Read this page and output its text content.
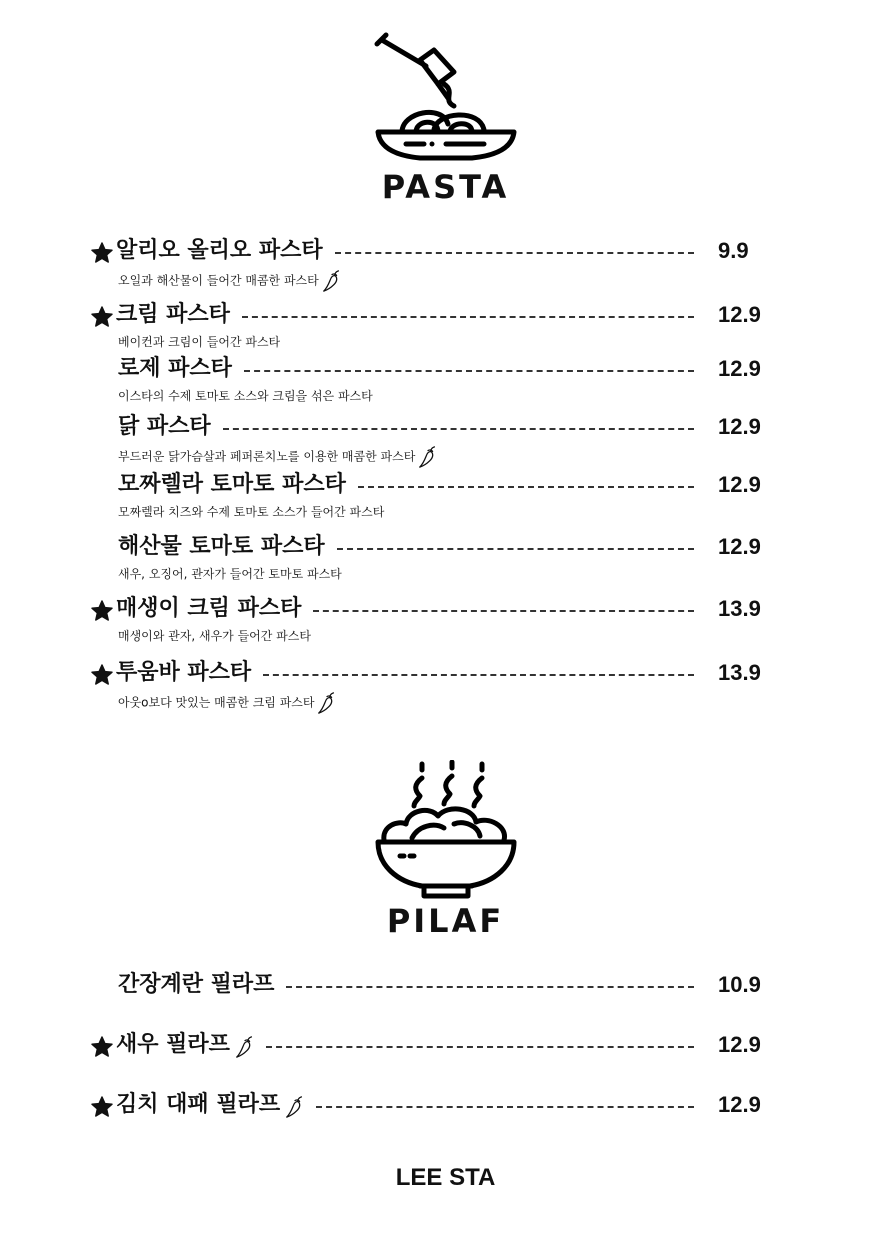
PASTA
알리오 올리오 파스타	9.9
오일과 해산물이 들어간 매콤한 파스타
크림 파스타	12.9
베이컨과 크림이 들어간 파스타
로제 파스타	12.9
이스타의 수제 토마토 소스와 크림을 섞은 파스타
닭 파스타	12.9
부드러운 닭가슴살과 페퍼론치노를 이용한 매콤한 파스타
모짜렐라 토마토 파스타	12.9
모짜렐라 치즈와 수제 토마토 소스가 들어간 파스타
해산물 토마토 파스타	12.9
새우, 오징어, 관자가 들어간 토마토 파스타
매생이 크림 파스타	13.9
매생이와 관자, 새우가 들어간 파스타
투움바 파스타	13.9
아웃o보다 맛있는 매콤한 크림 파스타
PILAF
간장계란 필라프	10.9
새우 필라프	12.9
김치 대패 필라프	12.9
LEE STA
